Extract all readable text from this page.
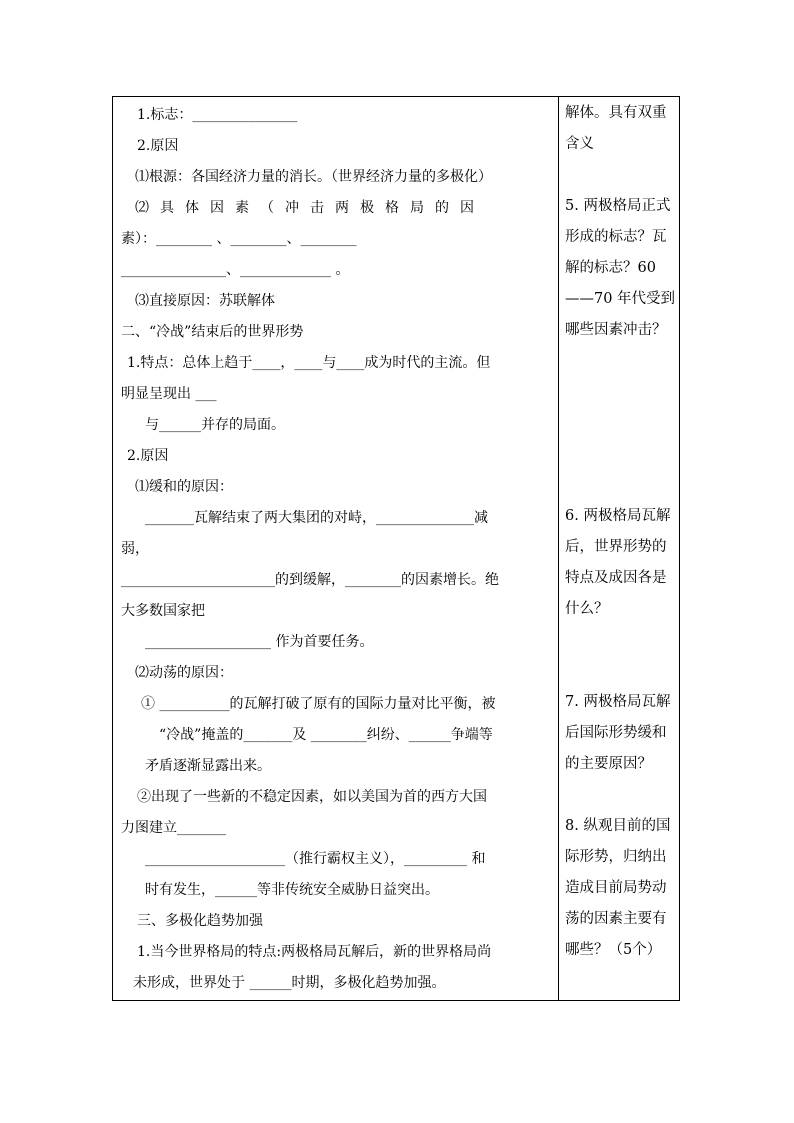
1.标志：_______________
2.原因
⑴根源：各国经济力量的消长。（世界经济力量的多极化）
⑵具体因素（冲击两极格局的因
素）：________ 、________、________
_______________、_____________ 。
⑶直接原因：苏联解体
二、“冷战”结束后的世界形势
1.特点：总体上趋于____，____与____成为时代的主流。但
明显呈现出 ___
与______并存的局面。
2.原因
⑴缓和的原因：
_______瓦解结束了两大集团的对峙，______________减
弱，
______________________的到缓解，________的因素增长。绝
大多数国家把
__________________ 作为首要任务。
⑵动荡的原因：
① __________的瓦解打破了原有的国际力量对比平衡，被
“冷战”掩盖的_______及 ________纠纷、______争端等
矛盾逐渐显露出来。
②出现了一些新的不稳定因素，如以美国为首的西方大国
力图建立_______
____________________（推行霸权主义），_________ 和
时有发生，______等非传统安全威胁日益突出。
三、多极化趋势加强
1.当今世界格局的特点:两极格局瓦解后，新的世界格局尚
未形成，世界处于 ______时期，多极化趋势加强。
解体。具有双重含义
5. 两极格局正式形成的标志？瓦解的标志？60——70 年代受到哪些因素冲击？
6. 两极格局瓦解后，世界形势的特点及成因各是什么？
7. 两极格局瓦解后国际形势缓和的主要原因？
8. 纵观目前的国际形势，归纳出造成目前局势动荡的因素主要有哪些？（5个）
